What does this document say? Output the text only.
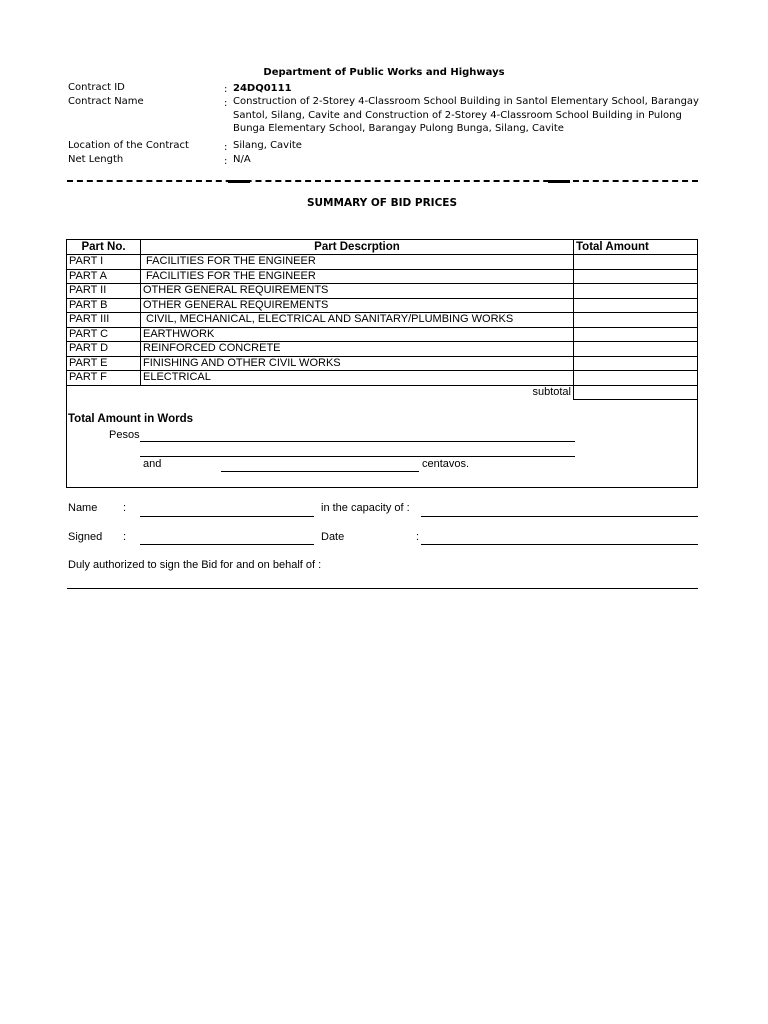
Department of Public Works and Highways
Contract ID	: 24DQ0111
Contract Name	: Construction of 2-Storey 4-Classroom School Building in Santol Elementary School, Barangay Santol, Silang, Cavite and Construction of 2-Storey 4-Classroom School Building in Pulong Bunga Elementary School, Barangay Pulong Bunga, Silang, Cavite
Location of the Contract	: Silang, Cavite
Net Length	: N/A
SUMMARY OF BID PRICES
Part No.	Part Descrption	Total Amount
PART I	FACILITIES FOR THE ENGINEER	
PART A	FACILITIES FOR THE ENGINEER	
PART II	OTHER GENERAL REQUIREMENTS	
PART B	OTHER GENERAL REQUIREMENTS	
PART III	CIVIL, MECHANICAL, ELECTRICAL AND SANITARY/PLUMBING WORKS	
PART C	EARTHWORK	
PART D	REINFORCED CONCRETE	
PART E	FINISHING AND OTHER CIVIL WORKS	
PART F	ELECTRICAL	
subtotal		
Total Amount in Words
Pesos
and	centavos.
Name :	in the capacity of :
Signed :	Date	:
Duly authorized to sign the Bid for and on behalf of :
